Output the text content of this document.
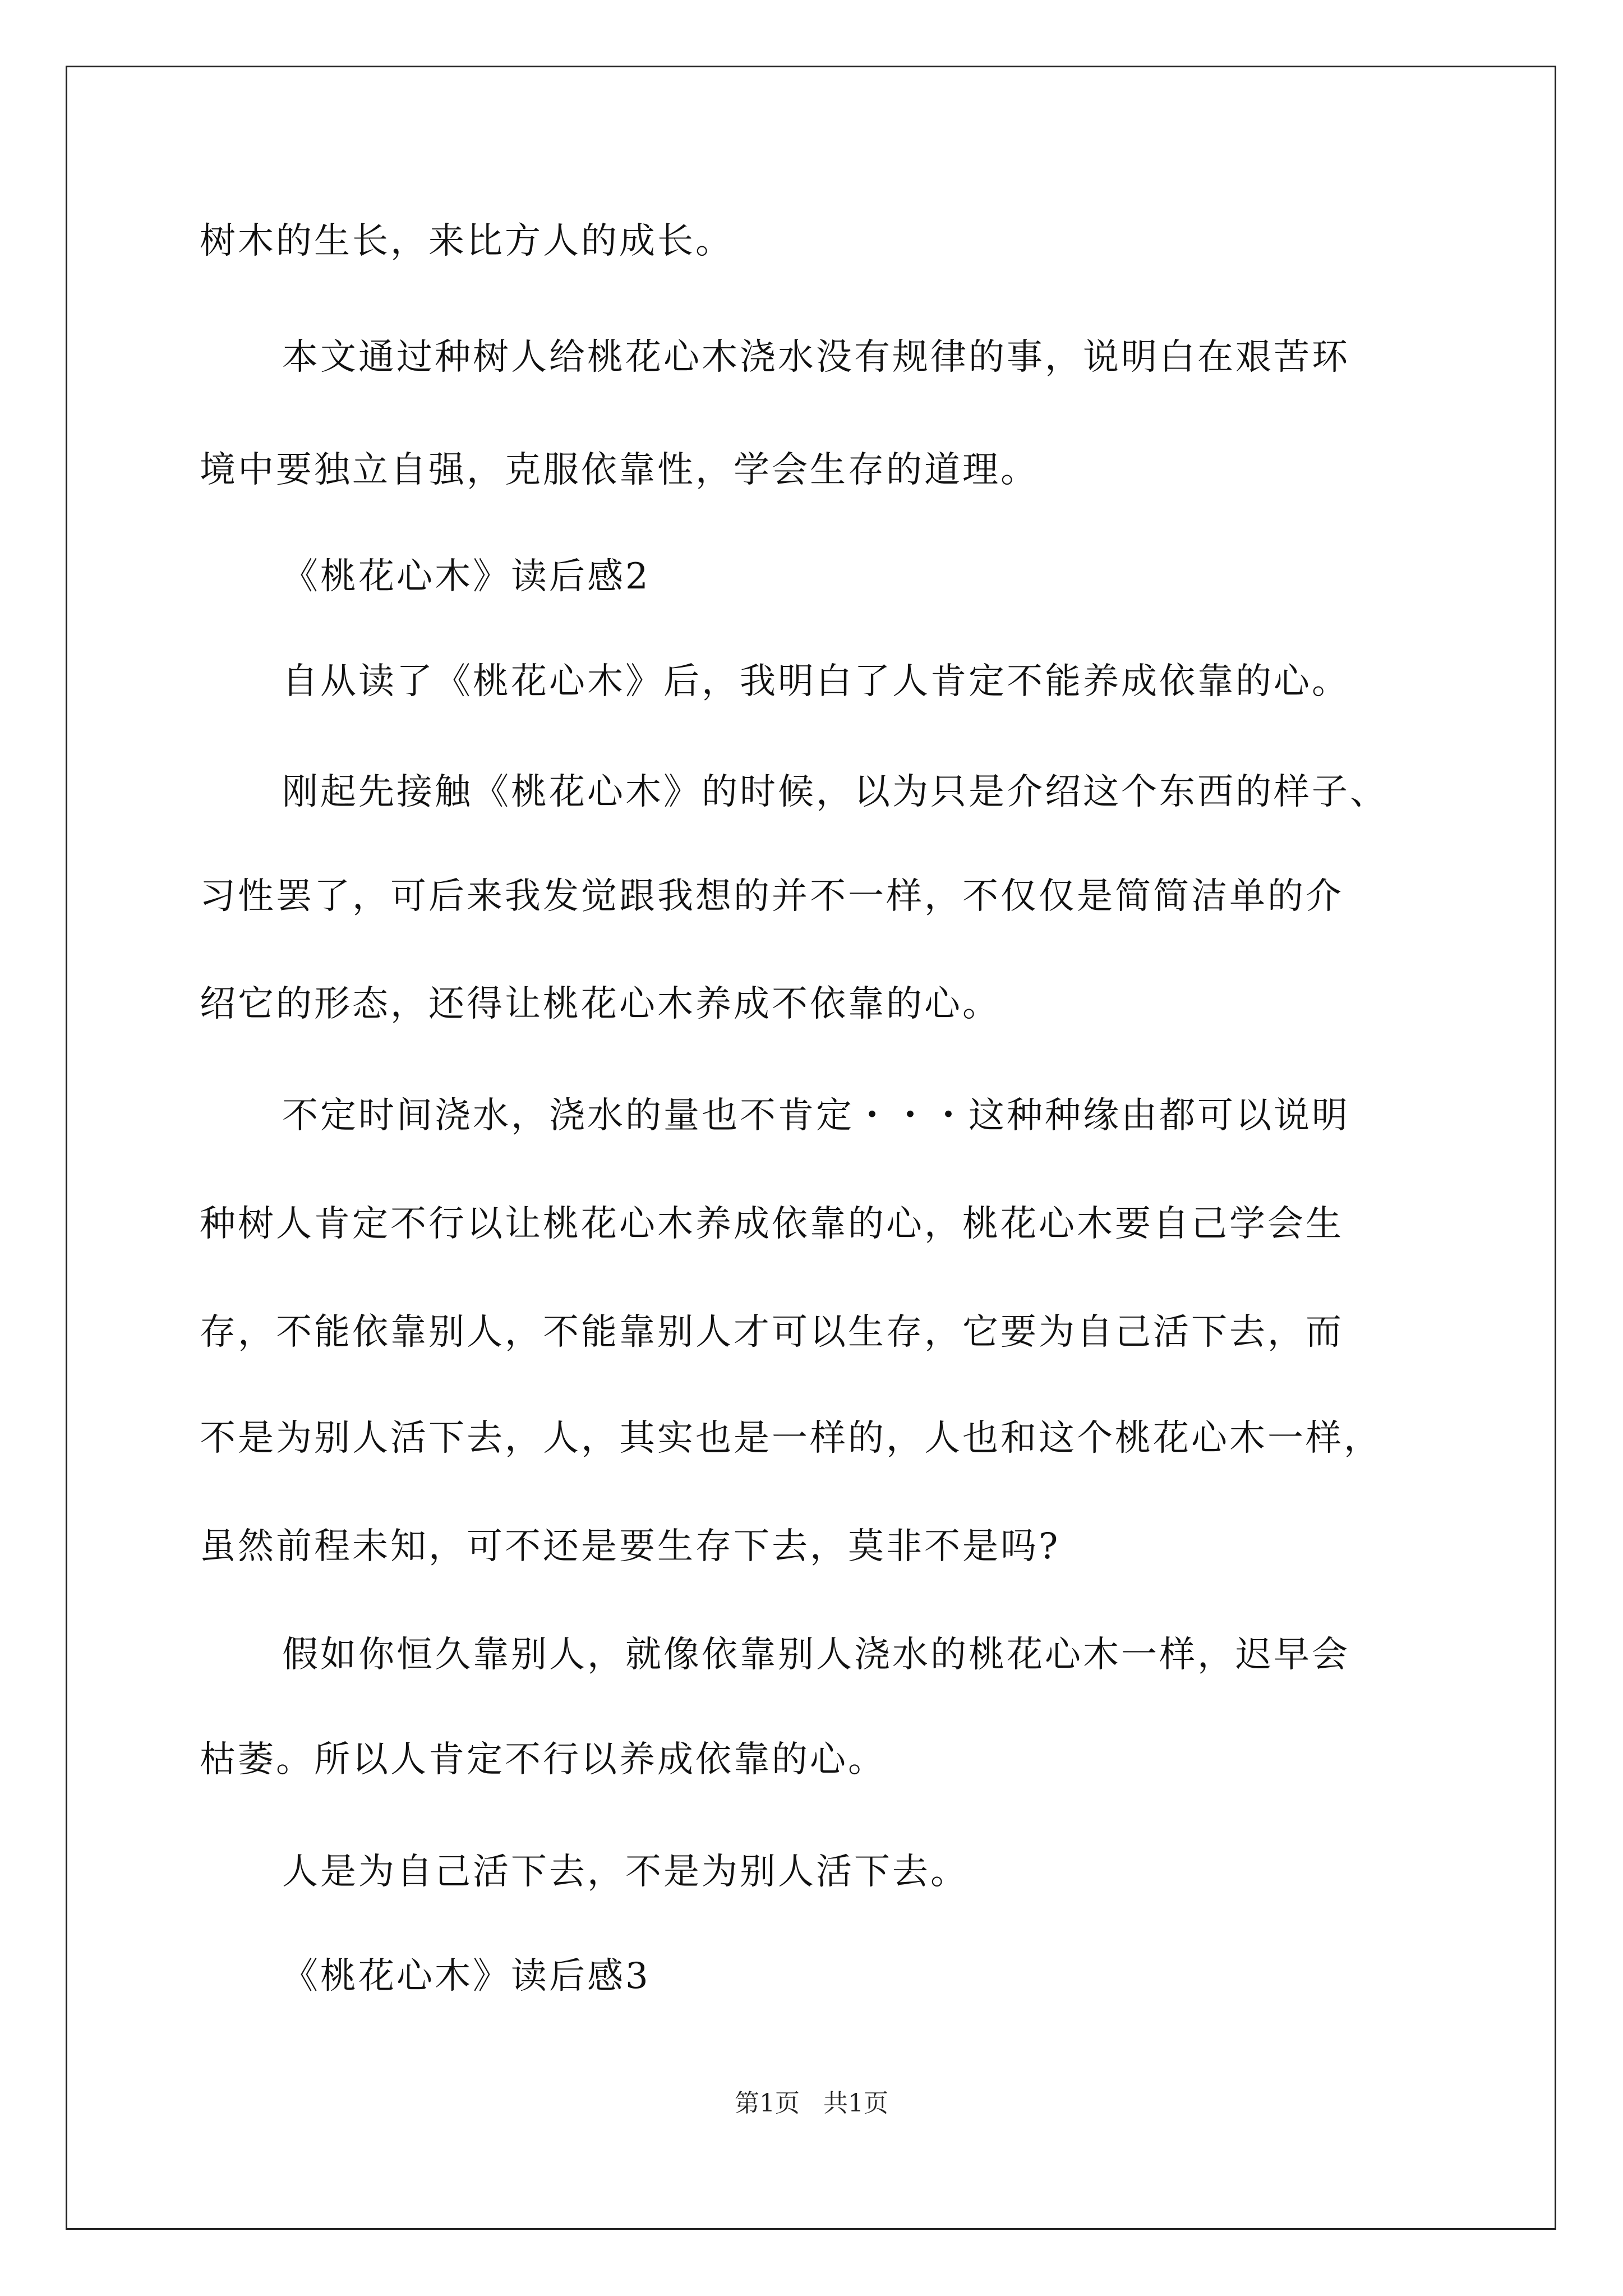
树木的生长，来比方人的成长。
本文通过种树人给桃花心木浇水没有规律的事，说明白在艰苦环
境中要独立自强，克服依靠性，学会生存的道理。
《桃花心木》读后感2
自从读了《桃花心木》后，我明白了人肯定不能养成依靠的心。
刚起先接触《桃花心木》的时候，以为只是介绍这个东西的样子、
习性罢了，可后来我发觉跟我想的并不一样，不仅仅是简简洁单的介
绍它的形态，还得让桃花心木养成不依靠的心。
不定时间浇水，浇水的量也不肯定・・・这种种缘由都可以说明
种树人肯定不行以让桃花心木养成依靠的心，桃花心木要自己学会生
存，不能依靠别人，不能靠别人才可以生存，它要为自己活下去，而
不是为别人活下去，人，其实也是一样的，人也和这个桃花心木一样，
虽然前程未知，可不还是要生存下去，莫非不是吗?
假如你恒久靠别人，就像依靠别人浇水的桃花心木一样，迟早会
枯萎。所以人肯定不行以养成依靠的心。
人是为自己活下去，不是为别人活下去。
《桃花心木》读后感3
第1页 共1页
